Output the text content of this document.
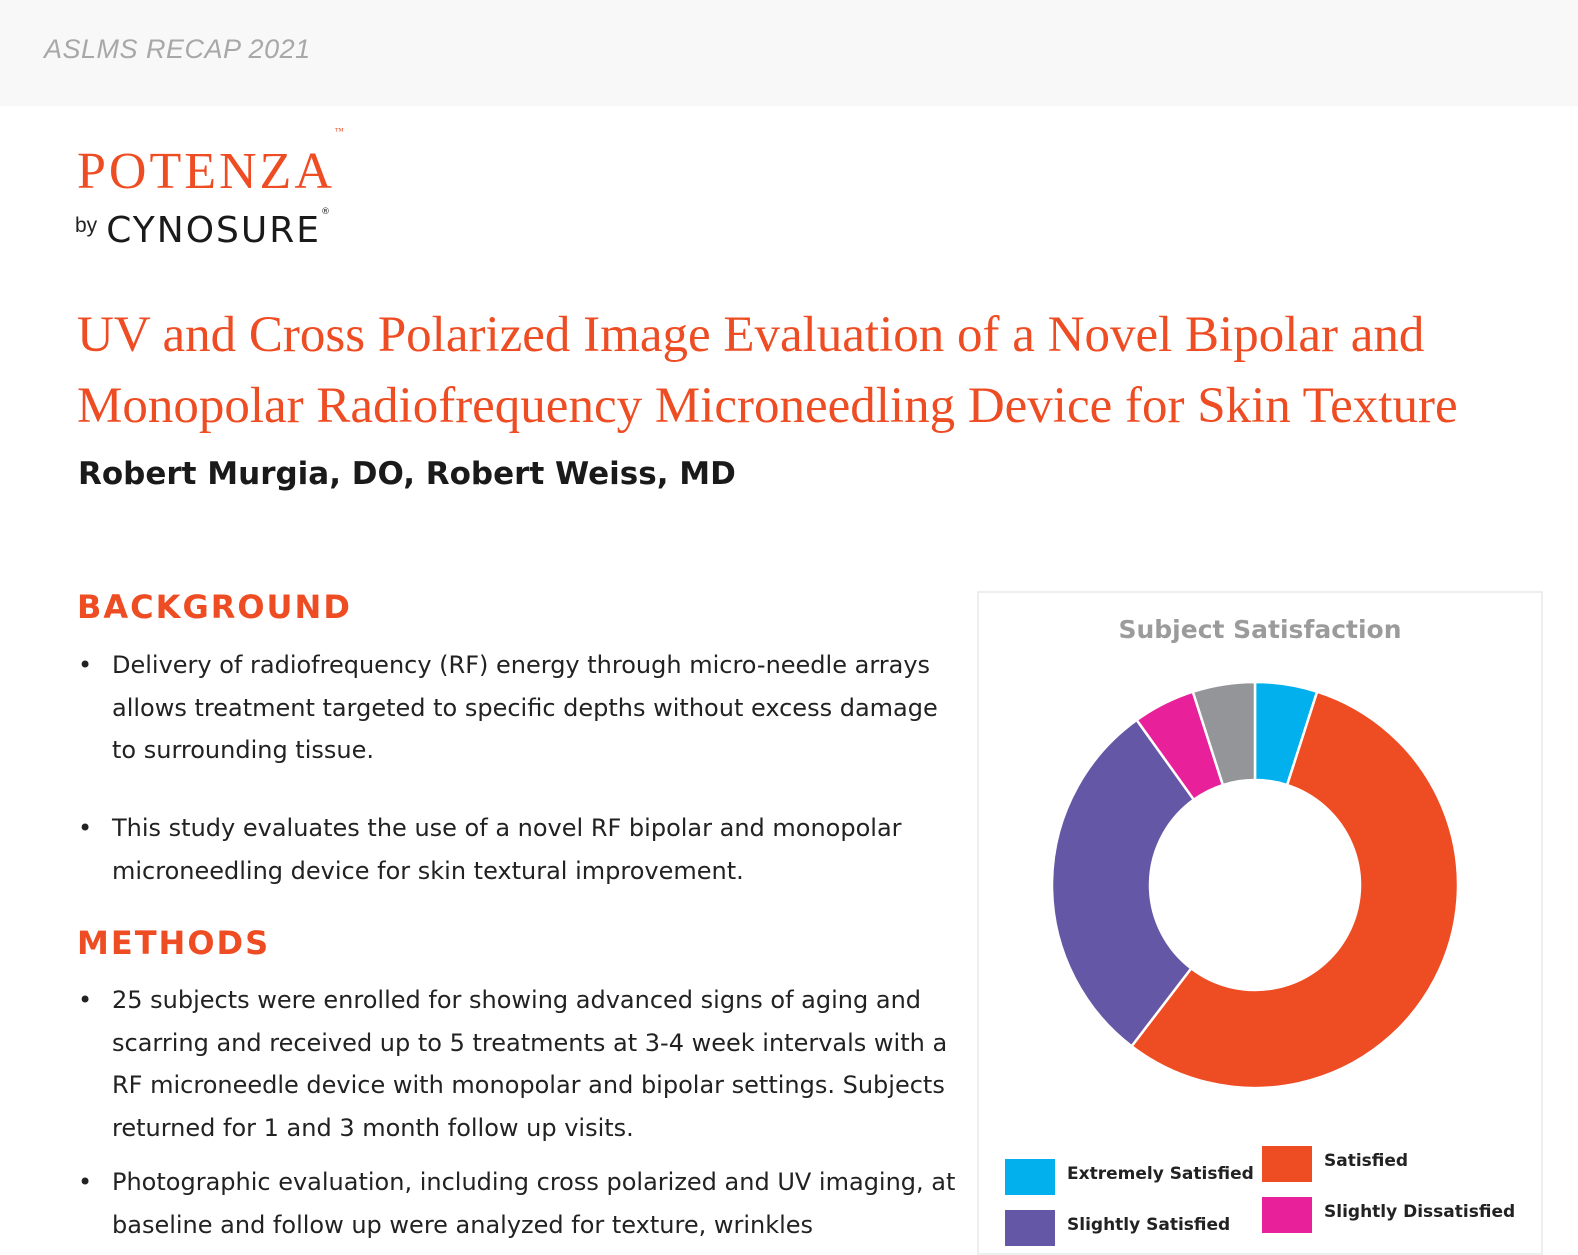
ASLMS RECAP 2021
POTENZA™
by CYNOSURE®
UV and Cross Polarized Image Evaluation of a Novel Bipolar and Monopolar Radiofrequency Microneedling Device for Skin Texture
Robert Murgia, DO, Robert Weiss, MD
BACKGROUND
• Delivery of radiofrequency (RF) energy through micro-needle arrays allows treatment targeted to specific depths without excess damage to surrounding tissue.
• This study evaluates the use of a novel RF bipolar and monopolar microneedling device for skin textural improvement.
METHODS
• 25 subjects were enrolled for showing advanced signs of aging and scarring and received up to 5 treatments at 3-4 week intervals with a RF microneedle device with monopolar and bipolar settings. Subjects returned for 1 and 3 month follow up visits.
• Photographic evaluation, including cross polarized and UV imaging, at baseline and follow up were analyzed for texture, wrinkles
Subject Satisfaction
Extremely Satisfied
Satisfied
Slightly Satisfied
Slightly Dissatisfied
